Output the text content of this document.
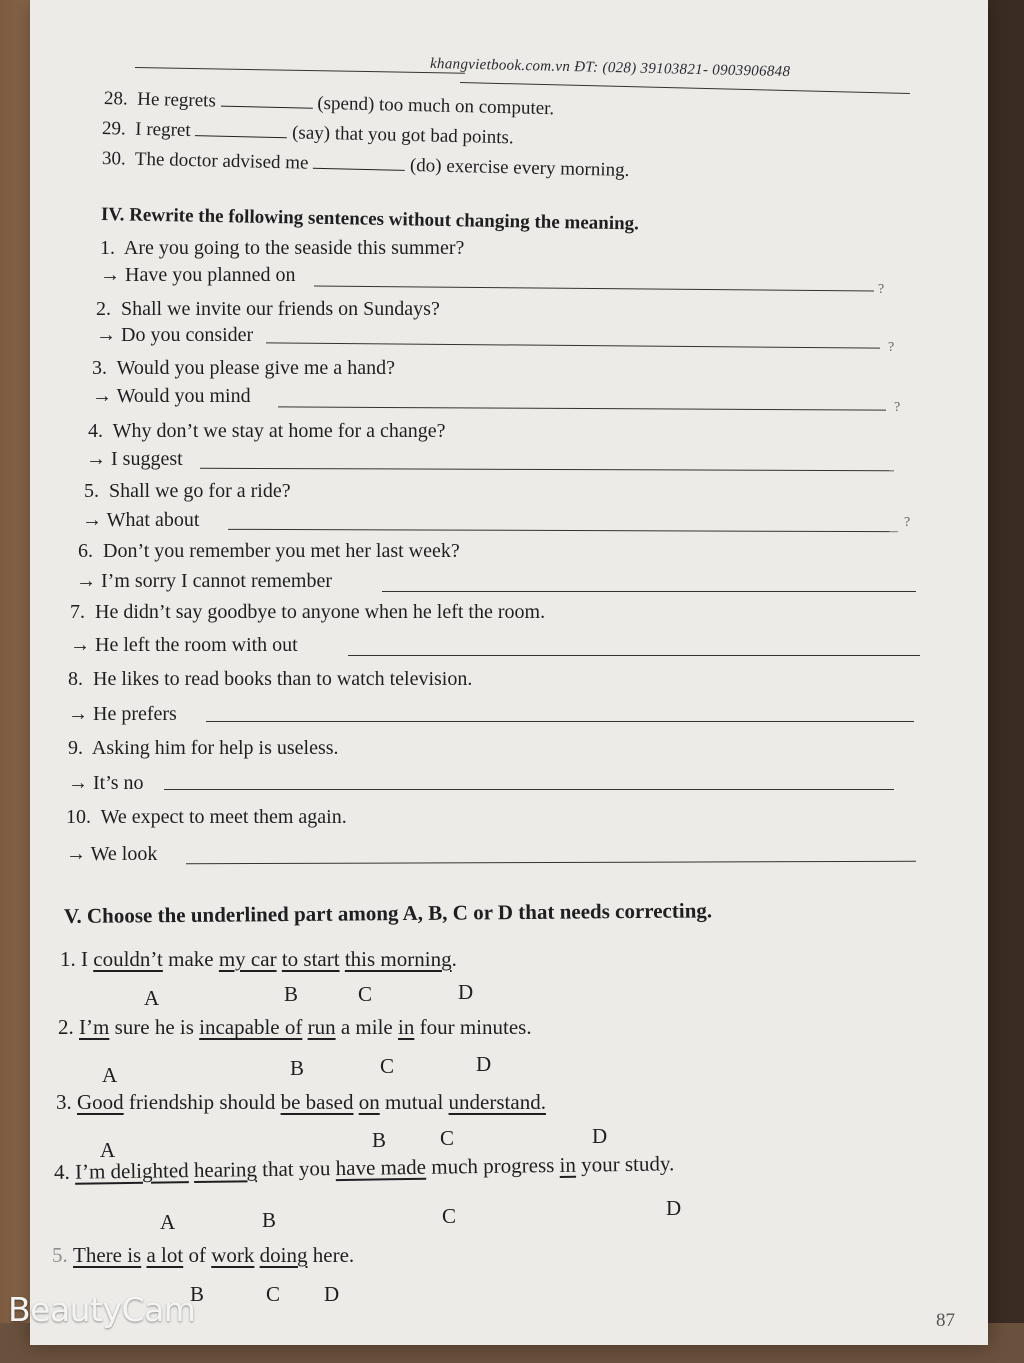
khangvietbook.com.vn ĐT: (028) 39103821- 0903906848
28. He regrets	(spend) too much on computer.
29. I regret	(say) that you got bad points.
30. The doctor advised me	(do) exercise every morning.
IV. Rewrite the following sentences without changing the meaning.
1. Are you going to the seaside this summer?
→ Have you planned on
?
2. Shall we invite our friends on Sundays?
→ Do you consider
?
3. Would you please give me a hand?
→ Would you mind
?
4. Why don’t we stay at home for a change?
→ I suggest
5. Shall we go for a ride?
→ What about	?
6. Don’t you remember you met her last week?
→ I’m sorry I cannot remember
7. He didn’t say goodbye to anyone when he left the room.
→ He left the room with out
8. He likes to read books than to watch television.
→ He prefers
9. Asking him for help is useless.
→ It’s no
10. We expect to meet them again.
→ We look
V. Choose the underlined part among A, B, C or D that needs correcting.
1. I couldn’t make my car to start this morning.
A	B	C	D
2. I’m sure he is incapable of run a mile in four minutes.
A	B	C	D
3. Good friendship should be based on mutual understand.
A	B	C	D
4. I’m delighted hearing that you have made much progress in your study.
A	B	C	D
5. There is a lot of work doing here.
B	C D
87
BeautyCam
